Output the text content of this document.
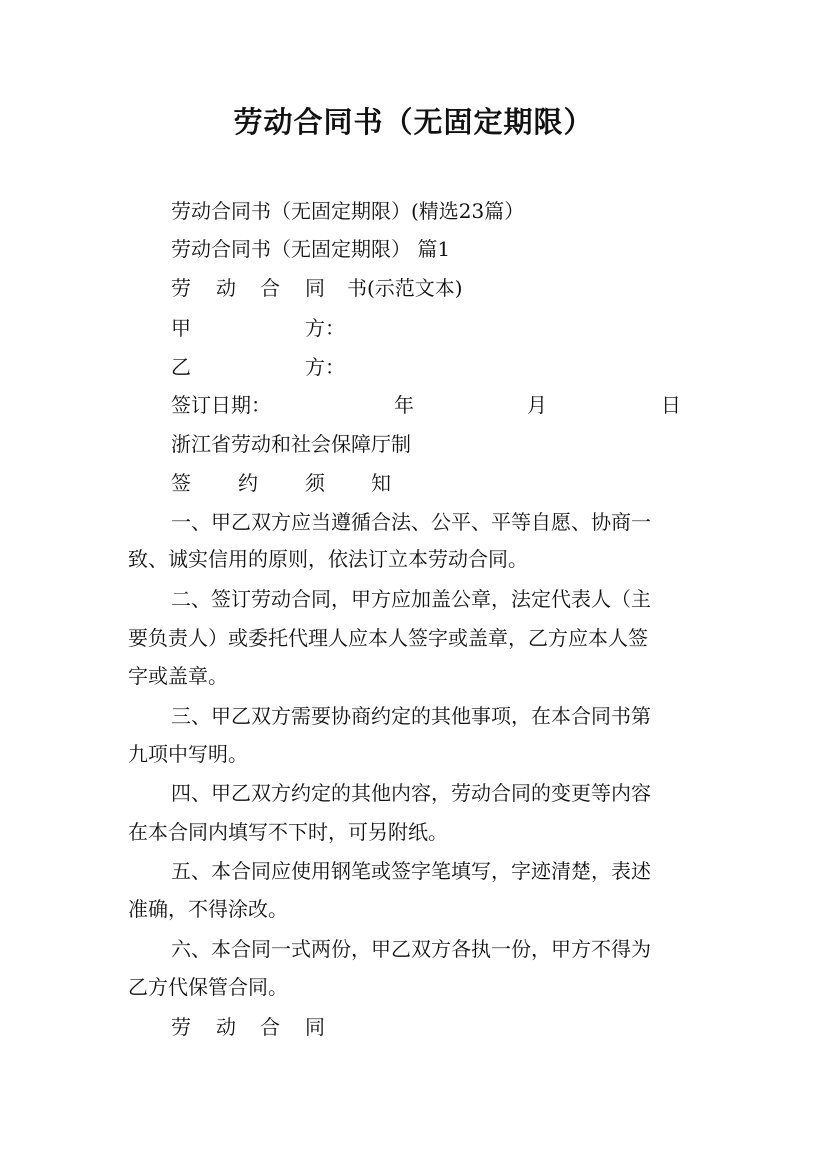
劳动合同书（无固定期限）
劳动合同书（无固定期限）(精选23篇）
劳动合同书（无固定期限） 篇1
劳 动 合 同 书(示范文本)
甲	方：
乙	方：
签订日期：	年	月	日
浙江省劳动和社会保障厅制
签 约 须 知
一、甲乙双方应当遵循合法、公平、平等自愿、协商一
致、诚实信用的原则，依法订立本劳动合同。
二、签订劳动合同，甲方应加盖公章，法定代表人（主
要负责人）或委托代理人应本人签字或盖章，乙方应本人签
字或盖章。
三、甲乙双方需要协商约定的其他事项，在本合同书第
九项中写明。
四、甲乙双方约定的其他内容，劳动合同的变更等内容
在本合同内填写不下时，可另附纸。
五、本合同应使用钢笔或签字笔填写，字迹清楚，表述
准确，不得涂改。
六、本合同一式两份，甲乙双方各执一份，甲方不得为
乙方代保管合同。
劳 动 合 同
